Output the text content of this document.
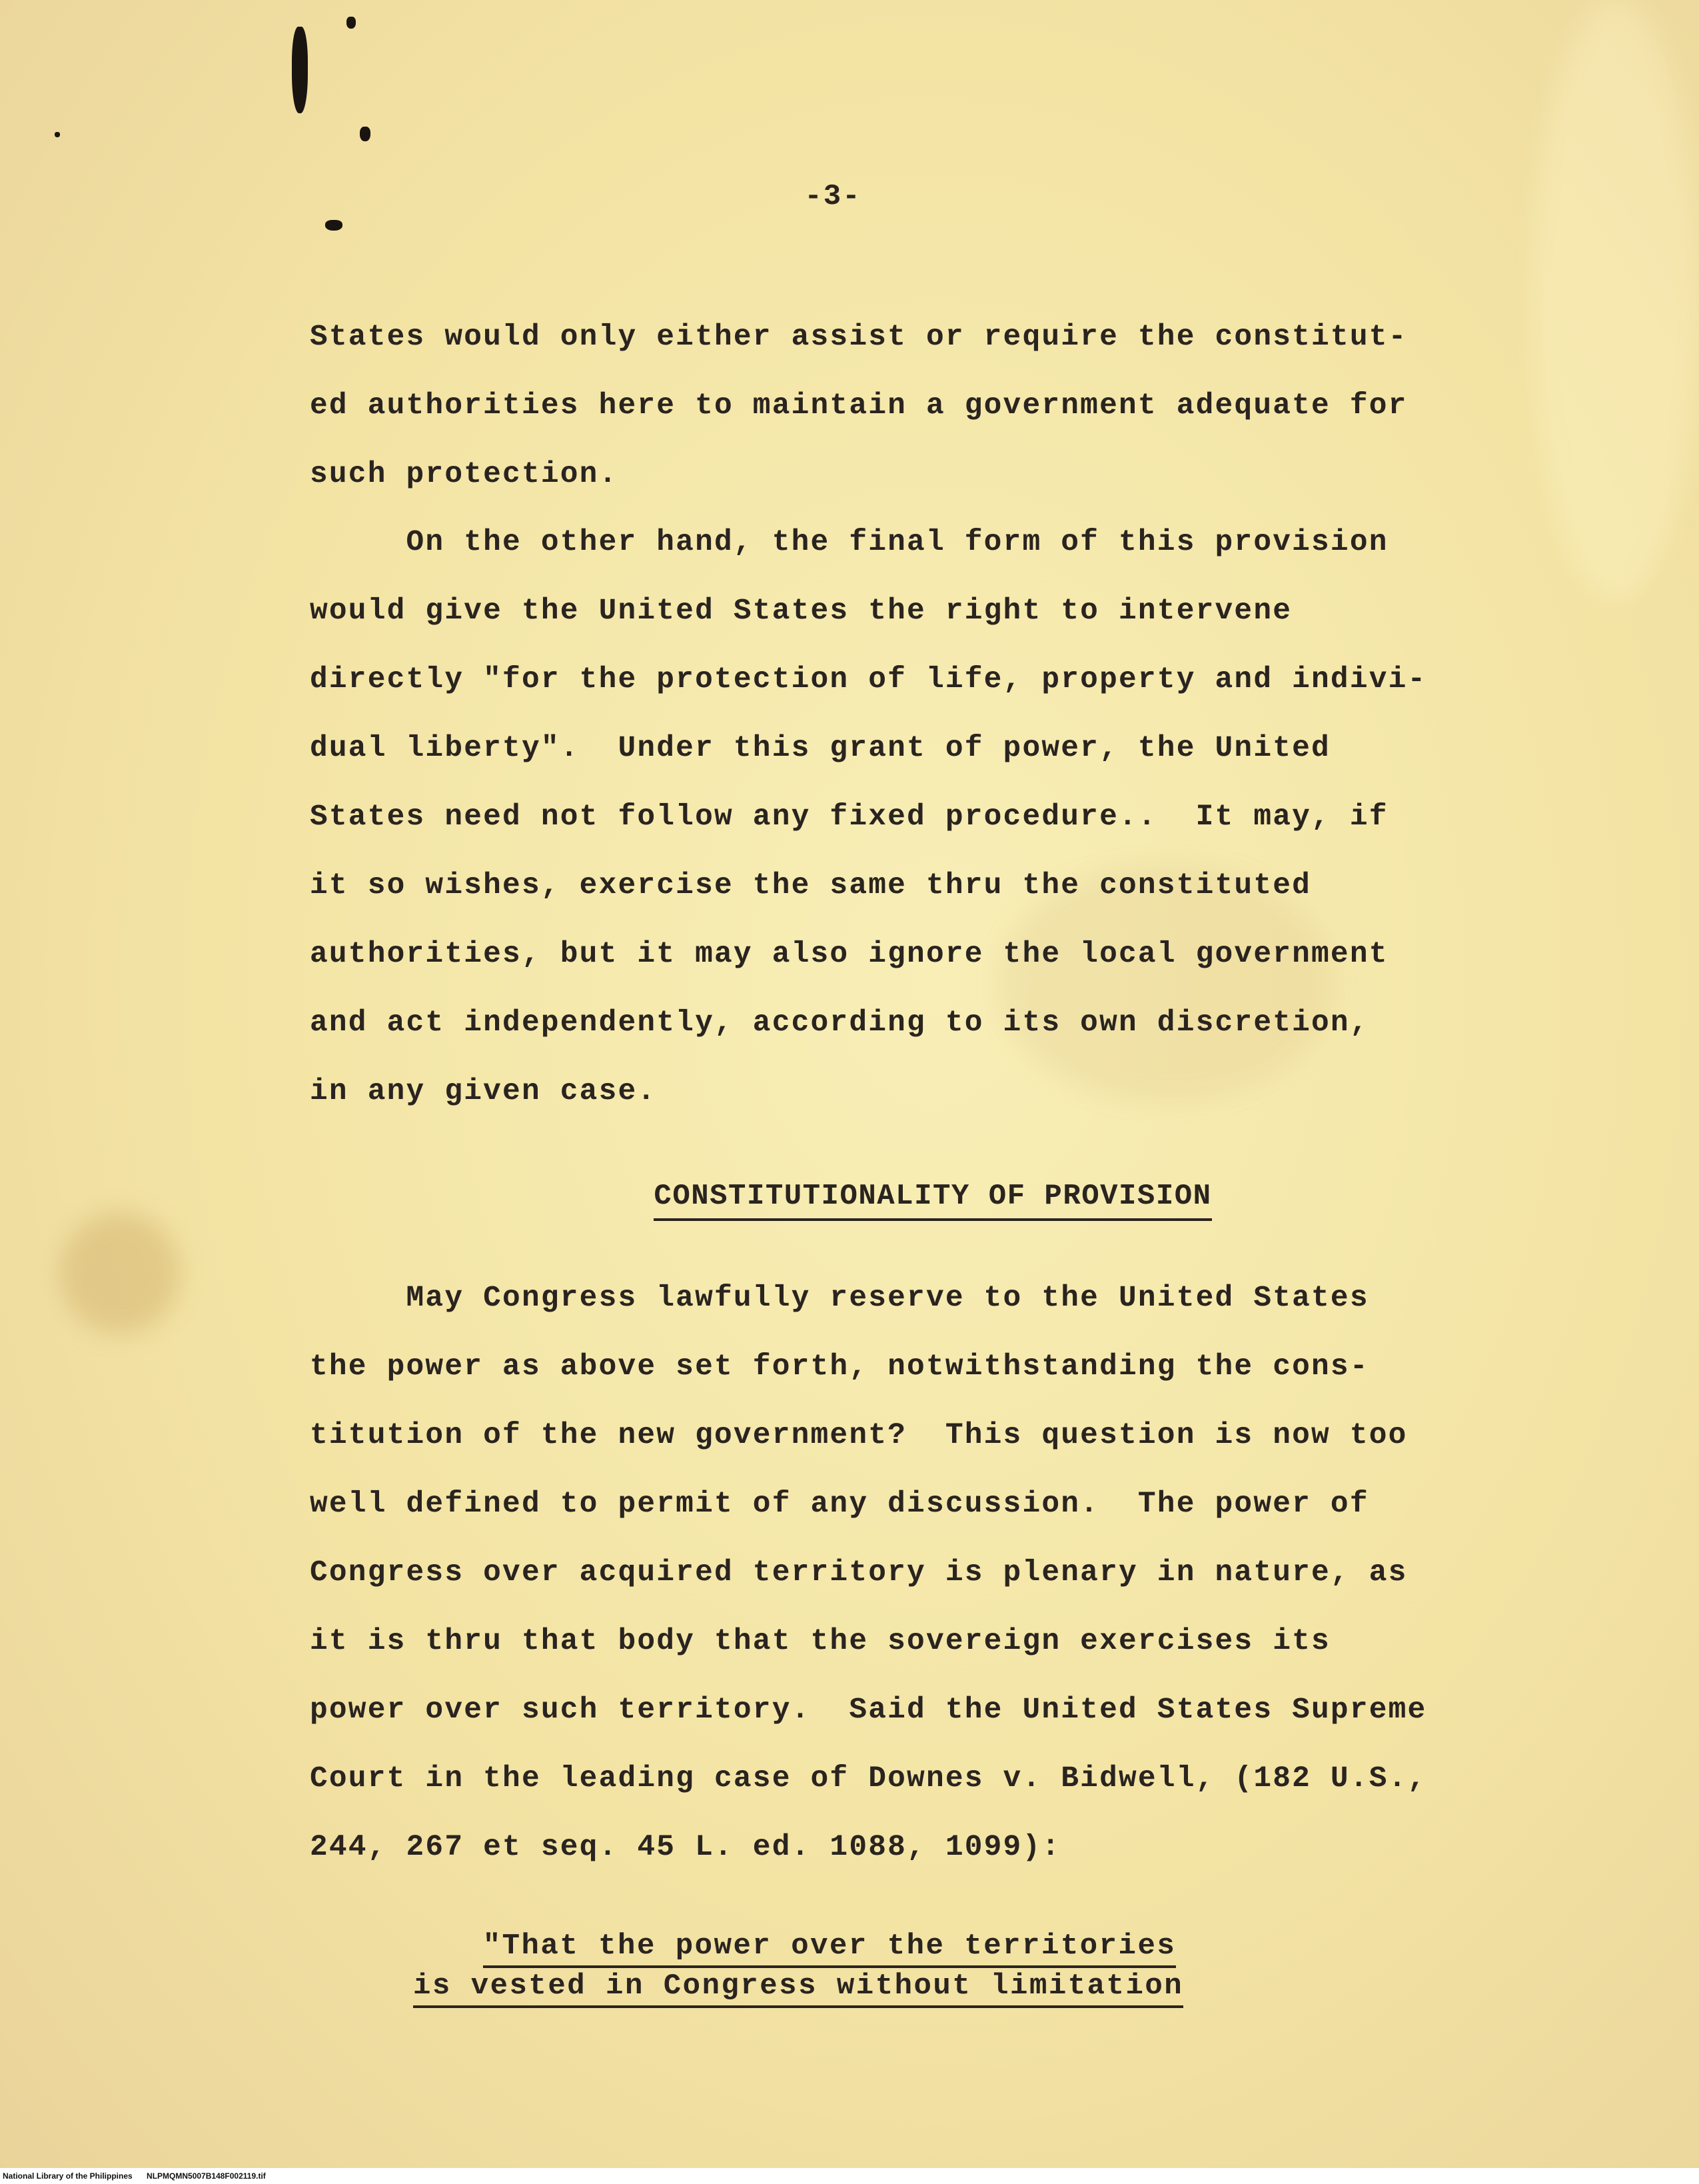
-3-
States would only either assist or require the constitut-
ed authorities here to maintain a government adequate for
such protection.
On the other hand, the final form of this provision
would give the United States the right to intervene
directly "for the protection of life, property and indivi-
dual liberty".  Under this grant of power, the United
States need not follow any fixed procedure..  It may, if
it so wishes, exercise the same thru the constituted
authorities, but it may also ignore the local government
and act independently, according to its own discretion,
in any given case.
CONSTITUTIONALITY OF PROVISION
May Congress lawfully reserve to the United States
the power as above set forth, notwithstanding the cons-
titution of the new government?  This question is now too
well defined to permit of any discussion.  The power of
Congress over acquired territory is plenary in nature, as
it is thru that body that the sovereign exercises its
power over such territory.  Said the United States Supreme
Court in the leading case of Downes v. Bidwell, (182 U.S.,
244, 267 et seq. 45 L. ed. 1088, 1099):
"That the power over the territories
is vested in Congress without limitation
National Library of the Philippines NLPMQMN5007B148F002119.tif
